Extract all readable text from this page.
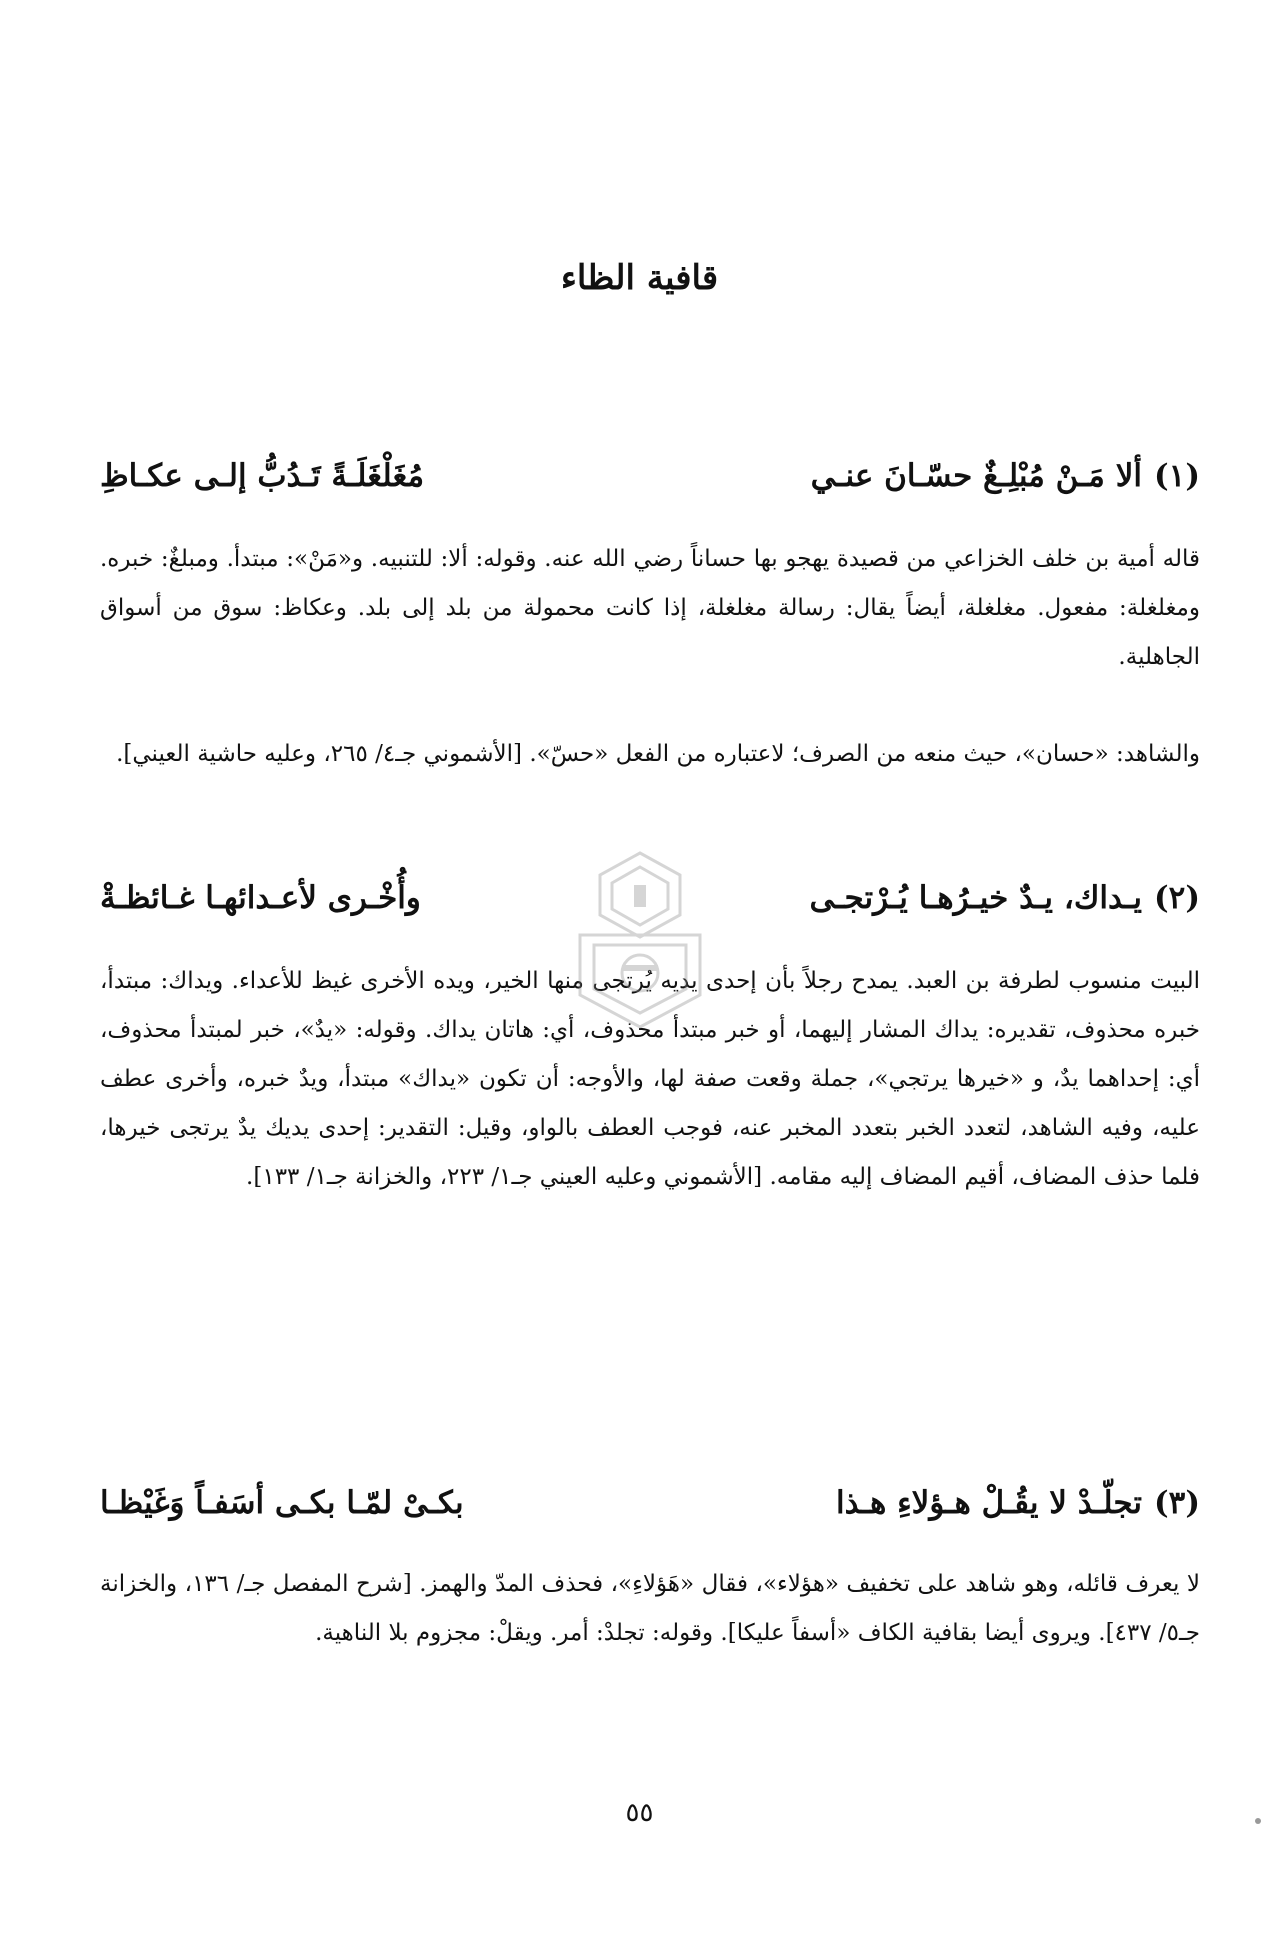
قافية الظاء
(١)
ألا مَـنْ مُبْلِـغٌ حسّـانَ عنـي
مُغَلْغَلَـةً تَـدُبُّ إلـى عكـاظِ
قاله أمية بن خلف الخزاعي من قصيدة يهجو بها حساناً رضي الله عنه. وقوله: ألا: للتنبيه. و«مَنْ»: مبتدأ. ومبلغٌ: خبره. ومغلغلة: مفعول. مغلغلة، أيضاً يقال: رسالة مغلغلة، إذا كانت محمولة من بلد إلى بلد. وعكاظ: سوق من أسواق الجاهلية.
والشاهد: «حسان»، حيث منعه من الصرف؛ لاعتباره من الفعل «حسّ». [الأشموني جـ٤/ ٢٦٥، وعليه حاشية العيني].
(٢)
يـداك، يـدٌ خيـرُهـا يُـرْتجـى
وأُخْـرى لأعـدائهـا غـائظـةْ
البيت منسوب لطرفة بن العبد. يمدح رجلاً بأن إحدى يديه يُرتجى منها الخير، ويده الأخرى غيظ للأعداء. ويداك: مبتدأ، خبره محذوف، تقديره: يداك المشار إليهما، أو خبر مبتدأ محذوف، أي: هاتان يداك. وقوله: «يدٌ»، خبر لمبتدأ محذوف، أي: إحداهما يدٌ، و «خيرها يرتجي»، جملة وقعت صفة لها، والأوجه: أن تكون «يداك» مبتدأ، ويدٌ خبره، وأخرى عطف عليه، وفيه الشاهد، لتعدد الخبر بتعدد المخبر عنه، فوجب العطف بالواو، وقيل: التقدير: إحدى يديك يدٌ يرتجى خيرها، فلما حذف المضاف، أقيم المضاف إليه مقامه. [الأشموني وعليه العيني جـ١/ ٢٢٣، والخزانة جـ١/ ١٣٣].
(٣)
تجلّـدْ لا يقُـلْ هـؤلاءِ هـذا
بكـىْ لمّـا بكـى أسَفـاً وَغَيْظـا
لا يعرف قائله، وهو شاهد على تخفيف «هؤلاء»، فقال «هَؤلاءِ»، فحذف المدّ والهمز. [شرح المفصل جـ/ ١٣٦، والخزانة جـ٥/ ٤٣٧]. ويروى أيضا بقافية الكاف «أسفاً عليكا]. وقوله: تجلدْ: أمر. ويقلْ: مجزوم بلا الناهية.
٥٥
